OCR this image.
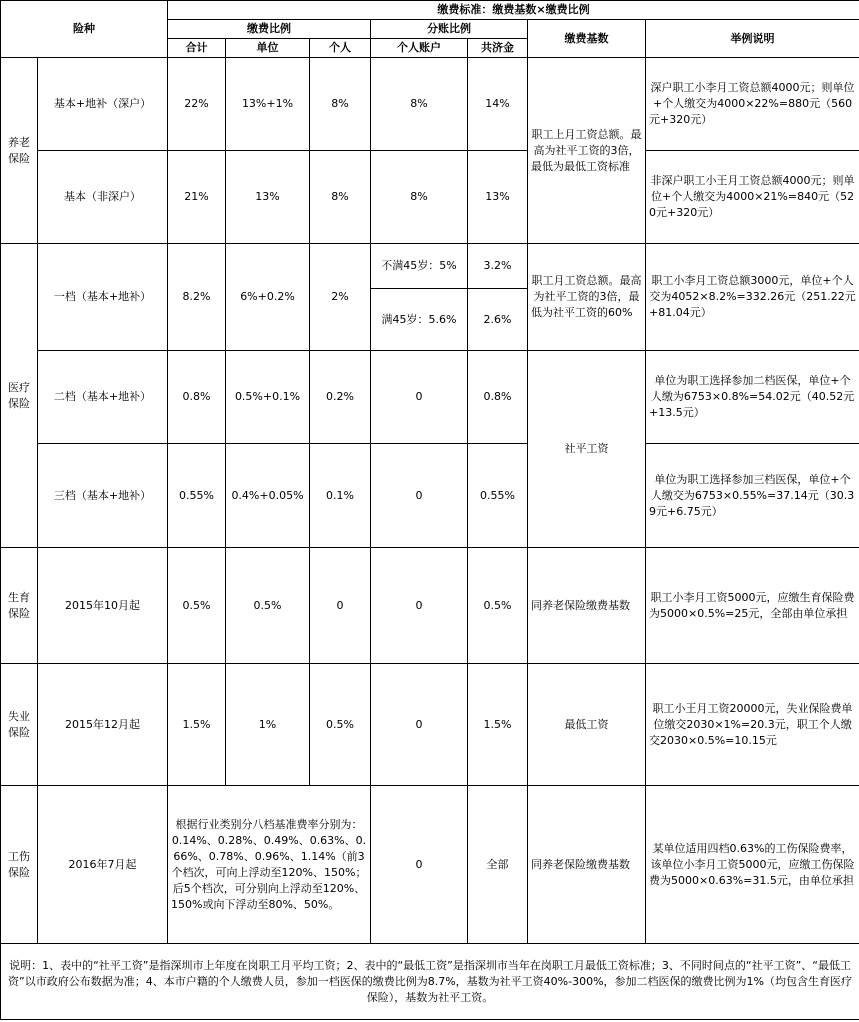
险种		缴费标准：缴费基数×缴费比例						
		缴费比例			分账比例		缴费基数	举例说明
		合计	单位	个人	个人账户	共济金		
养老保险	基本+地补（深户）	22%	13%+1%	8%	8%	14%	职工上月工资总额。最高为社平工资的3倍，最低为最低工资标准	深户职工小李月工资总额4000元；则单位+个人缴交为4000×22%=880元（560元+320元）
	基本（非深户）	21%	13%	8%	8%	13%		非深户职工小王月工资总额4000元；则单位+个人缴交为4000×21%=840元（520元+320元）
医疗保险	一档（基本+地补）	8.2%	6%+0.2%	2%	不满45岁：5%	3.2%	职工月工资总额。最高为社平工资的3倍，最低为社平工资的60%	职工小李月工资总额3000元，单位+个人交为4052×8.2%=332.26元（251.22元+81.04元）
					满45岁：5.6%	2.6%		
	二档（基本+地补）	0.8%	0.5%+0.1%	0.2%	0	0.8%	社平工资	单位为职工选择参加二档医保，单位+个人缴为6753×0.8%=54.02元（40.52元+13.5元）
	三档（基本+地补）	0.55%	0.4%+0.05%	0.1%	0	0.55%		单位为职工选择参加三档医保，单位+个人缴交为6753×0.55%=37.14元（30.39元+6.75元）
生育保险	2015年10月起	0.5%	0.5%	0	0	0.5%	同养老保险缴费基数	职工小李月工资5000元，应缴生育保险费为5000×0.5%=25元，全部由单位承担
失业保险	2015年12月起	1.5%	1%	0.5%	0	1.5%	最低工资	职工小王月工资20000元，失业保险费单位缴交2030×1%=20.3元，职工个人缴交2030×0.5%=10.15元
工伤保险	2016年7月起	根据行业类别分八档基准费率分别为：0.14%、0.28%、0.49%、0.63%、0.66%、0.78%、0.96%、1.14%（前3个档次，可向上浮动至120%、150%；后5个档次，可分别向上浮动至120%、150%或向下浮动至80%、50%。			0	全部	同养老保险缴费基数	某单位适用四档0.63%的工伤保险费率，该单位小李月工资5000元，应缴工伤保险费为5000×0.63%=31.5元，由单位承担
说明：1、表中的“社平工资”是指深圳市上年度在岗职工月平均工资；2、表中的“最低工资”是指深圳市当年在岗职工月最低工资标准；3、不同时间点的“社平工资”、“最低工资”以市政府公布数据为准；4、本市户籍的个人缴费人员，参加一档医保的缴费比例为8.7%，基数为社平工资40%-300%，参加二档医保的缴费比例为1%（均包含生育医疗保险），基数为社平工资。								
